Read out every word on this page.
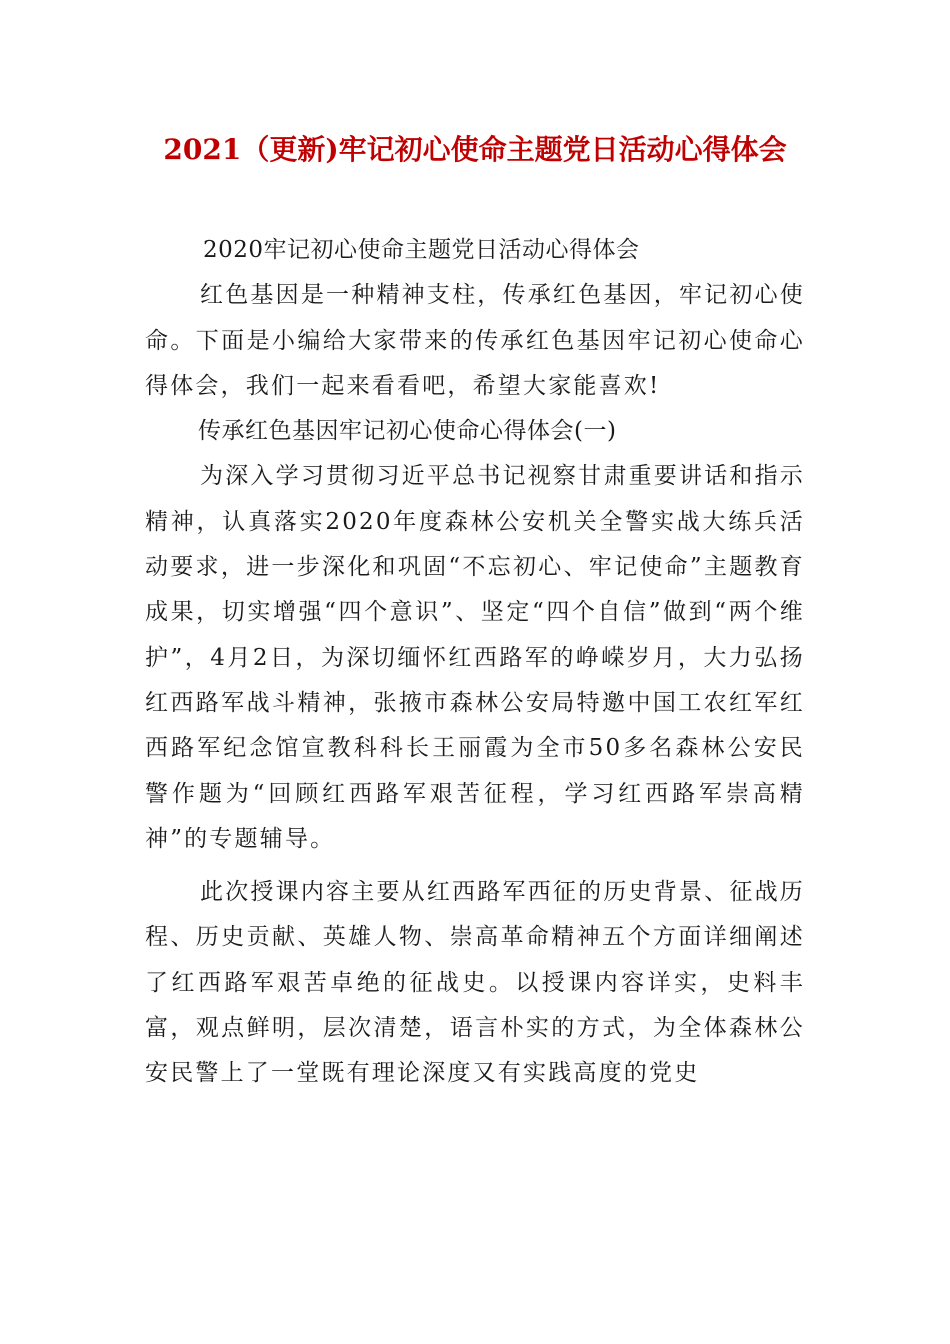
2021（更新)牢记初心使命主题党日活动心得体会

2020牢记初心使命主题党日活动心得体会

红色基因是一种精神支柱，传承红色基因，牢记初心使命。下面是小编给大家带来的传承红色基因牢记初心使命心得体会，我们一起来看看吧，希望大家能喜欢!

传承红色基因牢记初心使命心得体会(一)

为深入学习贯彻习近平总书记视察甘肃重要讲话和指示精神，认真落实2020年度森林公安机关全警实战大练兵活动要求，进一步深化和巩固“不忘初心、牢记使命”主题教育成果，切实增强“四个意识”、坚定“四个自信”做到“两个维护”，4月2日，为深切缅怀红西路军的峥嵘岁月，大力弘扬红西路军战斗精神，张掖市森林公安局特邀中国工农红军红西路军纪念馆宣教科科长王丽霞为全市50多名森林公安民警作题为“回顾红西路军艰苦征程，学习红西路军崇高精神”的专题辅导。

此次授课内容主要从红西路军西征的历史背景、征战历程、历史贡献、英雄人物、崇高革命精神五个方面详细阐述了红西路军艰苦卓绝的征战史。以授课内容详实，史料丰富，观点鲜明，层次清楚，语言朴实的方式，为全体森林公安民警上了一堂既有理论深度又有实践高度的党史
